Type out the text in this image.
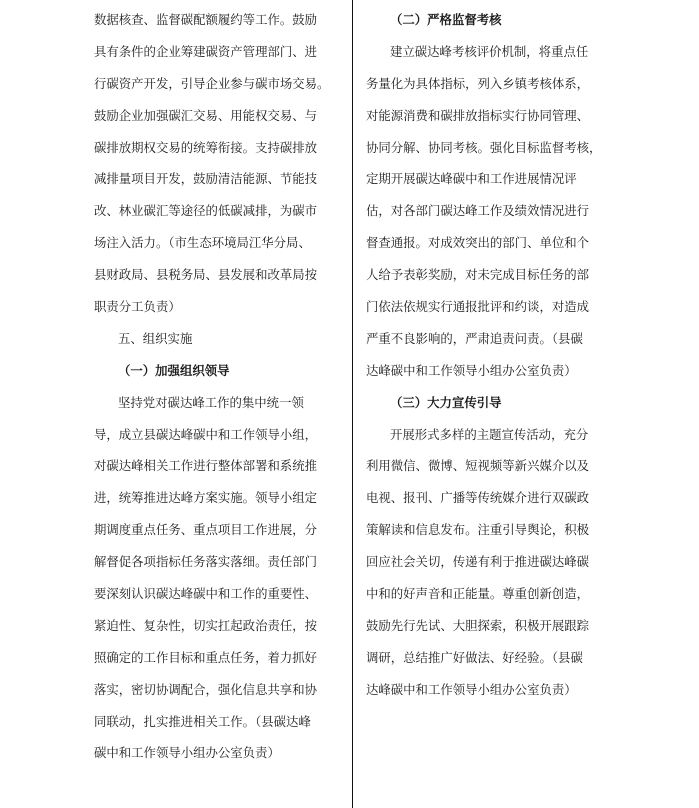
数据核查、监督碳配额履约等工作。鼓励
具有条件的企业筹建碳资产管理部门、进
行碳资产开发，引导企业参与碳市场交易。
鼓励企业加强碳汇交易、用能权交易、与
碳排放期权交易的统筹衔接。支持碳排放
减排量项目开发，鼓励清洁能源、节能技
改、林业碳汇等途径的低碳减排，为碳市
场注入活力。（市生态环境局江华分局、
县财政局、县税务局、县发展和改革局按
职责分工负责）
五、组织实施
（一）加强组织领导
坚持党对碳达峰工作的集中统一领
导，成立县碳达峰碳中和工作领导小组，
对碳达峰相关工作进行整体部署和系统推
进，统筹推进达峰方案实施。领导小组定
期调度重点任务、重点项目工作进展，分
解督促各项指标任务落实落细。责任部门
要深刻认识碳达峰碳中和工作的重要性、
紧迫性、复杂性，切实扛起政治责任，按
照确定的工作目标和重点任务，着力抓好
落实，密切协调配合，强化信息共享和协
同联动，扎实推进相关工作。（县碳达峰
碳中和工作领导小组办公室负责）
（二）严格监督考核
建立碳达峰考核评价机制，将重点任
务量化为具体指标，列入乡镇考核体系，
对能源消费和碳排放指标实行协同管理、
协同分解、协同考核。强化目标监督考核，
定期开展碳达峰碳中和工作进展情况评
估，对各部门碳达峰工作及绩效情况进行
督查通报。对成效突出的部门、单位和个
人给予表彰奖励，对未完成目标任务的部
门依法依规实行通报批评和约谈，对造成
严重不良影响的，严肃追责问责。（县碳
达峰碳中和工作领导小组办公室负责）
（三）大力宣传引导
开展形式多样的主题宣传活动，充分
利用微信、微博、短视频等新兴媒介以及
电视、报刊、广播等传统媒介进行双碳政
策解读和信息发布。注重引导舆论，积极
回应社会关切，传递有利于推进碳达峰碳
中和的好声音和正能量。尊重创新创造，
鼓励先行先试、大胆探索，积极开展跟踪
调研，总结推广好做法、好经验。（县碳
达峰碳中和工作领导小组办公室负责）
